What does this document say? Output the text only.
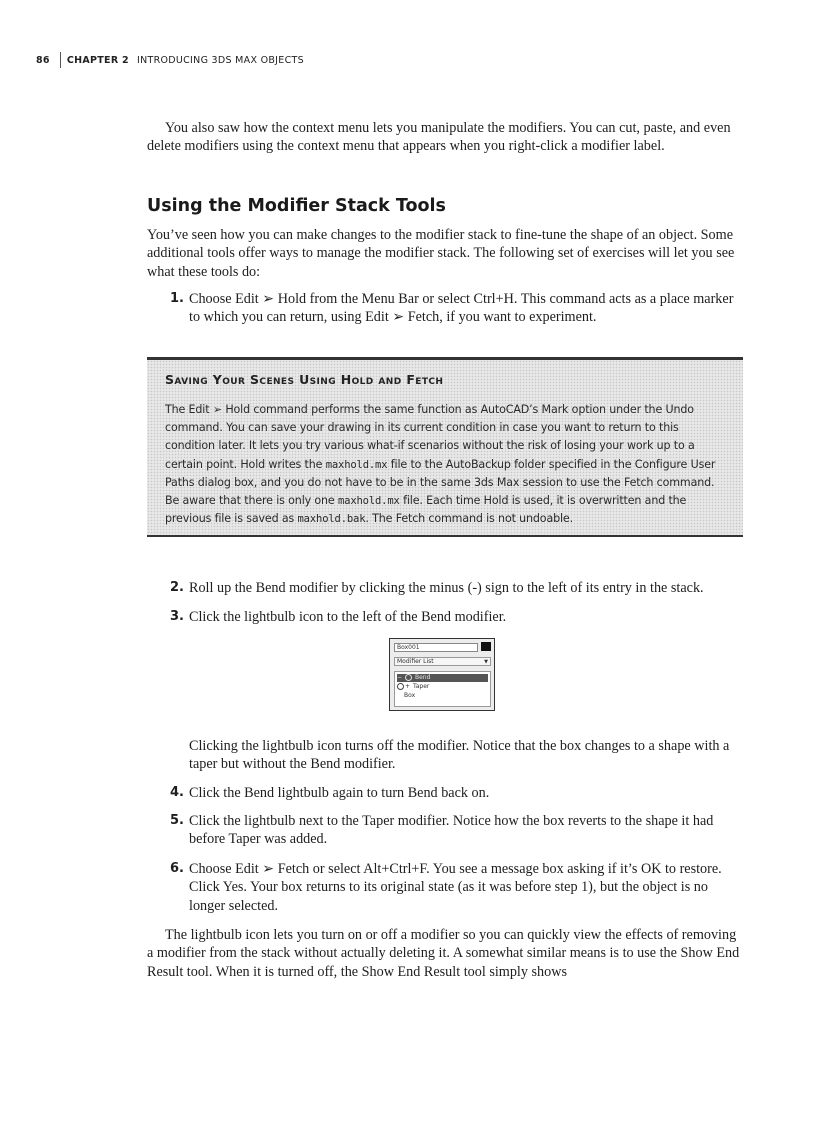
86 CHAPTER 2 INTRODUCING 3DS MAX OBJECTS

You also saw how the context menu lets you manipulate the modifiers. You can cut, paste, and even delete modifiers using the context menu that appears when you right-click a modifier label.

Using the Modifier Stack Tools

You’ve seen how you can make changes to the modifier stack to fine-tune the shape of an object. Some additional tools offer ways to manage the modifier stack. The following set of exercises will let you see what these tools do:

1. Choose Edit ➢ Hold from the Menu Bar or select Ctrl+H. This command acts as a place marker to which you can return, using Edit ➢ Fetch, if you want to experiment.
Saving Your Scenes Using Hold and Fetch

The Edit ➢ Hold command performs the same function as AutoCAD’s Mark option under the Undo command. You can save your drawing in its current condition in case you want to return to this condition later. It lets you try various what-if scenarios without the risk of losing your work up to a certain point. Hold writes the maxhold.mx file to the AutoBackup folder specified in the Configure User Paths dialog box, and you do not have to be in the same 3ds Max session to use the Fetch command. Be aware that there is only one maxhold.mx file. Each time Hold is used, it is overwritten and the previous file is saved as maxhold.bak. The Fetch command is not undoable.

2. Roll up the Bend modifier by clicking the minus (-) sign to the left of its entry in the stack.
3. Click the lightbulb icon to the left of the Bend modifier.
Box001
Modifier List	▼
− Bend
+ Taper
Box

Clicking the lightbulb icon turns off the modifier. Notice that the box changes to a shape with a taper but without the Bend modifier.

4. Click the Bend lightbulb again to turn Bend back on.
5. Click the lightbulb next to the Taper modifier. Notice how the box reverts to the shape it had before Taper was added.
6. Choose Edit ➢ Fetch or select Alt+Ctrl+F. You see a message box asking if it’s OK to restore. Click Yes. Your box returns to its original state (as it was before step 1), but the object is no longer selected.

The lightbulb icon lets you turn on or off a modifier so you can quickly view the effects of removing a modifier from the stack without actually deleting it. A somewhat similar means is to use the Show End Result tool. When it is turned off, the Show End Result tool simply shows
